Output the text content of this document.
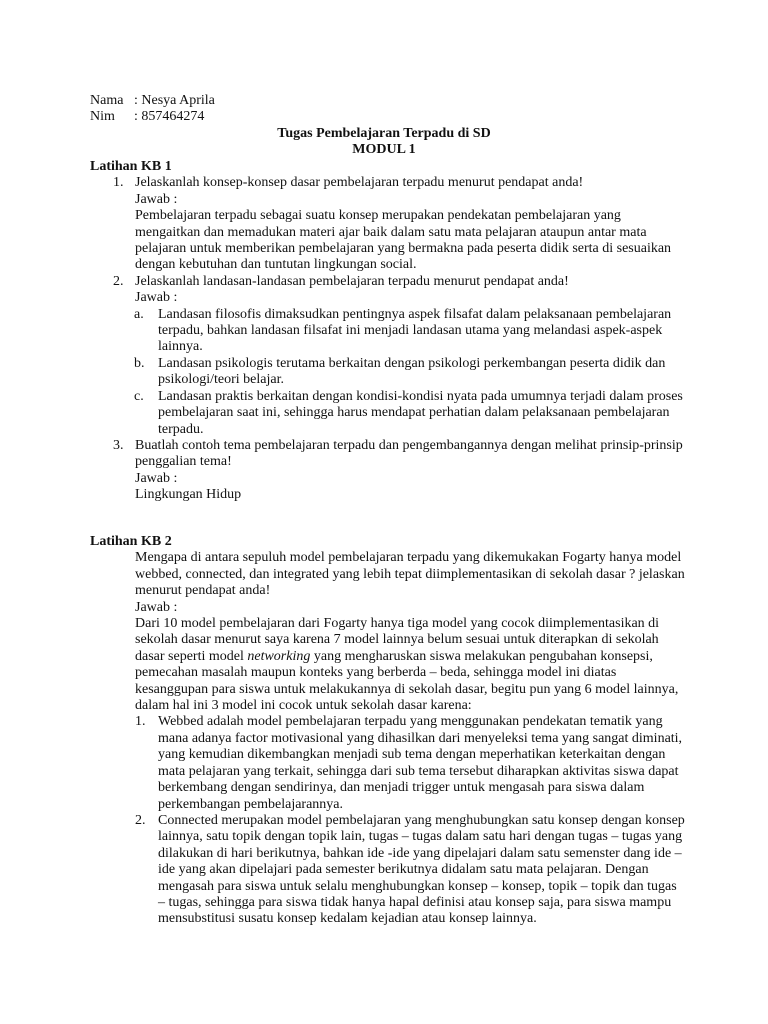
Nama : Nesya Aprila
Nim : 857464274

Tugas Pembelajaran Terpadu di SD

MODUL 1

Latihan KB 1

1. Jelaskanlah konsep-konsep dasar pembelajaran terpadu menurut pendapat anda!

Jawab :

Pembelajaran terpadu sebagai suatu konsep merupakan pendekatan pembelajaran yang mengaitkan dan memadukan materi ajar baik dalam satu mata pelajaran ataupun antar mata pelajaran untuk memberikan pembelajaran yang bermakna pada peserta didik serta di sesuaikan dengan kebutuhan dan tuntutan lingkungan social.

2. Jelaskanlah landasan-landasan pembelajaran terpadu menurut pendapat anda!

Jawab :

a. Landasan filosofis dimaksudkan pentingnya aspek filsafat dalam pelaksanaan pembelajaran terpadu, bahkan landasan filsafat ini menjadi landasan utama yang melandasi aspek-aspek lainnya.

b. Landasan psikologis terutama berkaitan dengan psikologi perkembangan peserta didik dan psikologi/teori belajar.

c. Landasan praktis berkaitan dengan kondisi-kondisi nyata pada umumnya terjadi dalam proses pembelajaran saat ini, sehingga harus mendapat perhatian dalam pelaksanaan pembelajaran terpadu.

3. Buatlah contoh tema pembelajaran terpadu dan pengembangannya dengan melihat prinsip-prinsip penggalian tema!

Jawab :

Lingkungan Hidup

Latihan KB 2

Mengapa di antara sepuluh model pembelajaran terpadu yang dikemukakan Fogarty hanya model webbed, connected, dan integrated yang lebih tepat diimplementasikan di sekolah dasar ? jelaskan menurut pendapat anda!

Jawab :

Dari 10 model pembelajaran dari Fogarty hanya tiga model yang cocok diimplementasikan di sekolah dasar menurut saya karena 7 model lainnya belum sesuai untuk diterapkan di sekolah dasar seperti model networking yang mengharuskan siswa melakukan pengubahan konsepsi, pemecahan masalah maupun konteks yang berberda – beda, sehingga model ini diatas kesanggupan para siswa untuk melakukannya di sekolah dasar, begitu pun yang 6 model lainnya, dalam hal ini 3 model ini cocok untuk sekolah dasar karena:

1. Webbed adalah model pembelajaran terpadu yang menggunakan pendekatan tematik yang mana adanya factor motivasional yang dihasilkan dari menyeleksi tema yang sangat diminati, yang kemudian dikembangkan menjadi sub tema dengan meperhatikan keterkaitan dengan mata pelajaran yang terkait, sehingga dari sub tema tersebut diharapkan aktivitas siswa dapat berkembang dengan sendirinya, dan menjadi trigger untuk mengasah para siswa dalam perkembangan pembelajarannya.

2. Connected merupakan model pembelajaran yang menghubungkan satu konsep dengan konsep lainnya, satu topik dengan topik lain, tugas – tugas dalam satu hari dengan tugas – tugas yang dilakukan di hari berikutnya, bahkan ide -ide yang dipelajari dalam satu semenster dang ide – ide yang akan dipelajari pada semester berikutnya didalam satu mata pelajaran. Dengan mengasah para siswa untuk selalu menghubungkan konsep – konsep, topik – topik dan tugas – tugas, sehingga para siswa tidak hanya hapal definisi atau konsep saja, para siswa mampu mensubstitusi susatu konsep kedalam kejadian atau konsep lainnya.
